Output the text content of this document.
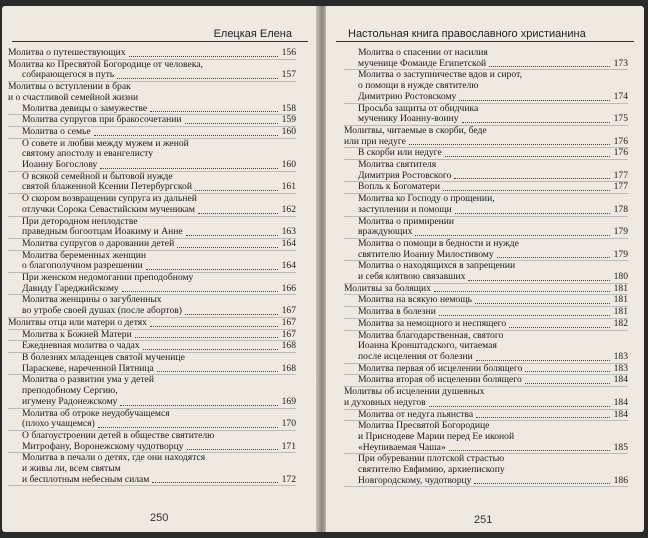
Елецкая Елена
Молитва о путешествующих	156
Молитва ко Пресвятой Богородице от человека,
собирающегося в путь	157
Молитвы о вступлении в брак
и о счастливой семейной жизни
Молитва девицы о замужестве	158
Молитва супругов при бракосочетании	159
Молитва о семье	160
О совете и любви между мужем и женой
святому апостолу и евангелисту
Иоанну Богослову	160
О всякой семейной и бытовой нужде
святой блаженной Ксении Петербургской	161
О скором возвращении супруга из дальней
отлучки Сорока Севастийским мученикам	162
При детородном неплодстве
праведным богоотцам Иоакиму и Анне	163
Молитва супругов о даровании детей	164
Молитва беременных женщин
о благополучном разрешении	164
При женском недомогании преподобному
Давиду Гареджийскому	166
Молитва женщины о загубленных
во утробе своей душах (после абортов)	167
Молитвы отца или матери о детях	167
Молитва к Божией Матери	167
Ежедневная молитва о чадах	168
В болезнях младенцев святой мученице
Параскеве, нареченной Пятница	168
Молитва о развитии ума у детей
преподобному Сергию,
игумену Радонежскому	169
Молитва об отроке неудобучащемся
(плохо учащемся)	170
О благоустроении детей в обществе святителю
Митрофану, Воронежскому чудотворцу	171
Молитва в печали о детях, где они находятся
и живы ли, всем святым
и бесплотным небесным силам	172
250
Настольная книга православного христианина
Молитва о спасении от насилия
мученице Фомаиде Египетской	173
Молитва о заступничестве вдов и сирот,
о помощи в нужде святителю
Димитрию Ростовскому	174
Просьба защиты от обидчика
мученику Иоанну-воину	175
Молитвы, читаемые в скорби, беде
или при недуге	176
В скорби или недуге	176
Молитва святителя
Димитрия Ростовского	177
Вопль к Богоматери	177
Молитва ко Господу о прощении,
заступлении и помощи	178
Молитва о примирении
враждующих	179
Молитва о помощи в бедности и нужде
святителю Иоанну Милостивому	179
Молитва о находящихся в запрещении
и себя клятвою связавших	180
Молитвы за болящих	181
Молитва на всякую немощь	181
Молитва в болезни	181
Молитва за немощного и неспящего	182
Молитва благодарственная, святого
Иоанна Кронштадского, читаемая
после исцеления от болезни	183
Молитва первая об исцелении болящего	183
Молитва вторая об исцелении болящего	184
Молитвы об исцелении душевных
и духовных недугов	184
Молитва от недуга пьянства	184
Молитва Пресвятой Богородице
и Приснодеве Марии перед Ее иконой
«Неупиваемая Чаша»	185
При обуревании плотской страстью
святителю Евфимию, архиепископу
Новгородскому, чудотворцу	186
251
